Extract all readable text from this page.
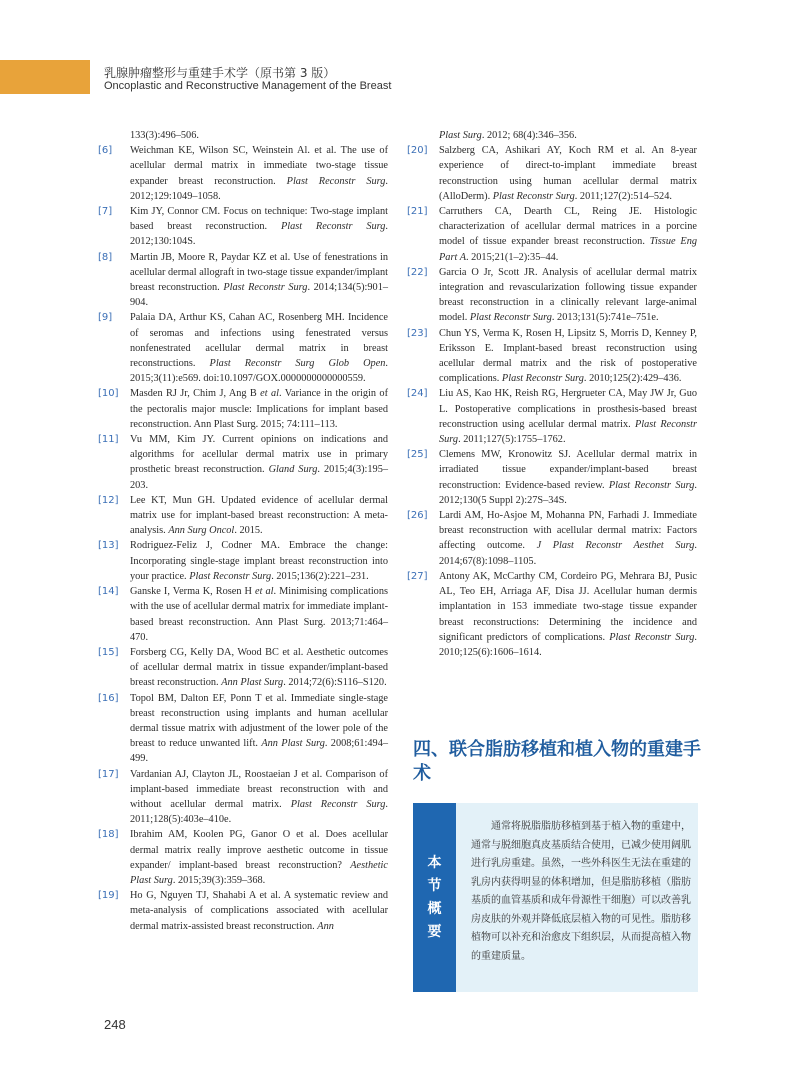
乳腺肿瘤整形与重建手术学（原书第 3 版）
Oncoplastic and Reconstructive Management of the Breast
133(3):496–506.
[6] Weichman KE, Wilson SC, Weinstein Al. et al. The use of acellular dermal matrix in immediate two-stage tissue expander breast reconstruction. Plast Reconstr Surg. 2012;129:1049–1058.
[7] Kim JY, Connor CM. Focus on technique: Two-stage implant based breast reconstruction. Plast Reconstr Surg. 2012;130:104S.
[8] Martin JB, Moore R, Paydar KZ et al. Use of fenestrations in acellular dermal allograft in two-stage tissue expander/implant breast reconstruction. Plast Reconstr Surg. 2014;134(5):901–904.
[9] Palaia DA, Arthur KS, Cahan AC, Rosenberg MH. Incidence of seromas and infections using fenestrated versus nonfenestrated acellular dermal matrix in breast reconstructions. Plast Reconstr Surg Glob Open. 2015;3(11):e569. doi:10.1097/GOX.0000000000000559.
[10] Masden RJ Jr, Chim J, Ang B et al. Variance in the origin of the pectoralis major muscle: Implications for implant based reconstruction. Ann Plast Surg. 2015; 74:111–113.
[11] Vu MM, Kim JY. Current opinions on indications and algorithms for acellular dermal matrix use in primary prosthetic breast reconstruction. Gland Surg. 2015;4(3):195–203.
[12] Lee KT, Mun GH. Updated evidence of acellular dermal matrix use for implant-based breast reconstruction: A meta-analysis. Ann Surg Oncol. 2015.
[13] Rodriguez-Feliz J, Codner MA. Embrace the change: Incorporating single-stage implant breast reconstruction into your practice. Plast Reconstr Surg. 2015;136(2):221–231.
[14] Ganske I, Verma K, Rosen H et al. Minimising complications with the use of acellular dermal matrix for immediate implant-based breast reconstruction. Ann Plast Surg. 2013;71:464–470.
[15] Forsberg CG, Kelly DA, Wood BC et al. Aesthetic outcomes of acellular dermal matrix in tissue expander/implant-based breast reconstruction. Ann Plast Surg. 2014;72(6):S116–S120.
[16] Topol BM, Dalton EF, Ponn T et al. Immediate single-stage breast reconstruction using implants and human acellular dermal tissue matrix with adjustment of the lower pole of the breast to reduce unwanted lift. Ann Plast Surg. 2008;61:494–499.
[17] Vardanian AJ, Clayton JL, Roostaeian J et al. Comparison of implant-based immediate breast reconstruction with and without acellular dermal matrix. Plast Reconstr Surg. 2011;128(5):403e–410e.
[18] Ibrahim AM, Koolen PG, Ganor O et al. Does acellular dermal matrix really improve aesthetic outcome in tissue expander/ implant-based breast reconstruction? Aesthetic Plast Surg. 2015;39(3):359–368.
[19] Ho G, Nguyen TJ, Shahabi A et al. A systematic review and meta-analysis of complications associated with acellular dermal matrix-assisted breast reconstruction. Ann
Plast Surg. 2012; 68(4):346–356.
[20] Salzberg CA, Ashikari AY, Koch RM et al. An 8-year experience of direct-to-implant immediate breast reconstruction using human acellular dermal matrix (AlloDerm). Plast Reconstr Surg. 2011;127(2):514–524.
[21] Carruthers CA, Dearth CL, Reing JE. Histologic characterization of acellular dermal matrices in a porcine model of tissue expander breast reconstruction. Tissue Eng Part A. 2015;21(1–2):35–44.
[22] Garcia O Jr, Scott JR. Analysis of acellular dermal matrix integration and revascularization following tissue expander breast reconstruction in a clinically relevant large-animal model. Plast Reconstr Surg. 2013;131(5):741e–751e.
[23] Chun YS, Verma K, Rosen H, Lipsitz S, Morris D, Kenney P, Eriksson E. Implant-based breast reconstruction using acellular dermal matrix and the risk of postoperative complications. Plast Reconstr Surg. 2010;125(2):429–436.
[24] Liu AS, Kao HK, Reish RG, Hergrueter CA, May JW Jr, Guo L. Postoperative complications in prosthesis-based breast reconstruction using acellular dermal matrix. Plast Reconstr Surg. 2011;127(5):1755–1762.
[25] Clemens MW, Kronowitz SJ. Acellular dermal matrix in irradiated tissue expander/implant-based breast reconstruction: Evidence-based review. Plast Reconstr Surg. 2012;130(5 Suppl 2):27S–34S.
[26] Lardi AM, Ho-Asjoe M, Mohanna PN, Farhadi J. Immediate breast reconstruction with acellular dermal matrix: Factors affecting outcome. J Plast Reconstr Aesthet Surg. 2014;67(8):1098–1105.
[27] Antony AK, McCarthy CM, Cordeiro PG, Mehrara BJ, Pusic AL, Teo EH, Arriaga AF, Disa JJ. Acellular human dermis implantation in 153 immediate two-stage tissue expander breast reconstructions: Determining the incidence and significant predictors of complications. Plast Reconstr Surg. 2010;125(6):1606–1614.
四、联合脂肪移植和植入物的重建手术
本
节
概
要
通常将脱脂脂肪移植到基于植入物的重建中，通常与脱细胞真皮基质结合使用，已减少使用阔肌进行乳房重建。虽然，一些外科医生无法在重建的乳房内获得明显的体积增加，但是脂肪移植（脂肪基质的血管基质和成年骨源性干细胞）可以改善乳房皮肤的外观并降低底层植入物的可见性。脂肪移植物可以补充和治愈皮下组织层，从而提高植入物的重建质量。
248
